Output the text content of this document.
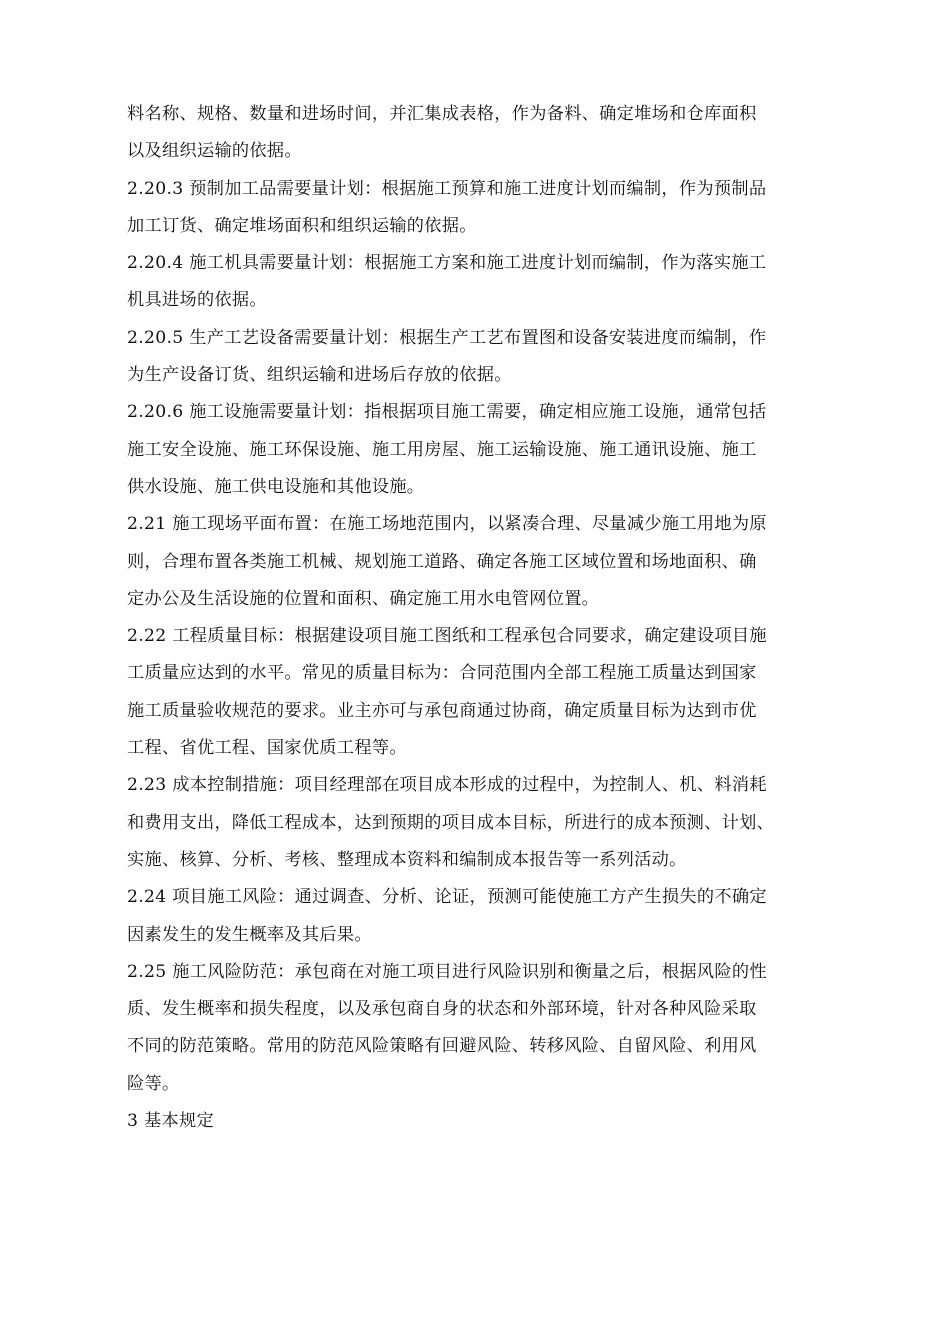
料名称、规格、数量和进场时间，并汇集成表格，作为备料、确定堆场和仓库面积
以及组织运输的依据。

2.20.3 预制加工品需要量计划：根据施工预算和施工进度计划而编制，作为预制品
加工订货、确定堆场面积和组织运输的依据。

2.20.4 施工机具需要量计划：根据施工方案和施工进度计划而编制，作为落实施工
机具进场的依据。

2.20.5 生产工艺设备需要量计划：根据生产工艺布置图和设备安装进度而编制，作
为生产设备订货、组织运输和进场后存放的依据。

2.20.6 施工设施需要量计划：指根据项目施工需要，确定相应施工设施，通常包括
施工安全设施、施工环保设施、施工用房屋、施工运输设施、施工通讯设施、施工
供水设施、施工供电设施和其他设施。

2.21 施工现场平面布置：在施工场地范围内，以紧凑合理、尽量减少施工用地为原
则，合理布置各类施工机械、规划施工道路、确定各施工区域位置和场地面积、确
定办公及生活设施的位置和面积、确定施工用水电管网位置。

2.22 工程质量目标：根据建设项目施工图纸和工程承包合同要求，确定建设项目施
工质量应达到的水平。常见的质量目标为：合同范围内全部工程施工质量达到国家
施工质量验收规范的要求。业主亦可与承包商通过协商，确定质量目标为达到市优
工程、省优工程、国家优质工程等。

2.23 成本控制措施：项目经理部在项目成本形成的过程中，为控制人、机、料消耗
和费用支出，降低工程成本，达到预期的项目成本目标，所进行的成本预测、计划、
实施、核算、分析、考核、整理成本资料和编制成本报告等一系列活动。

2.24 项目施工风险：通过调查、分析、论证，预测可能使施工方产生损失的不确定
因素发生的发生概率及其后果。

2.25 施工风险防范：承包商在对施工项目进行风险识别和衡量之后，根据风险的性
质、发生概率和损失程度，以及承包商自身的状态和外部环境，针对各种风险采取
不同的防范策略。常用的防范风险策略有回避风险、转移风险、自留风险、利用风
险等。

3 基本规定
